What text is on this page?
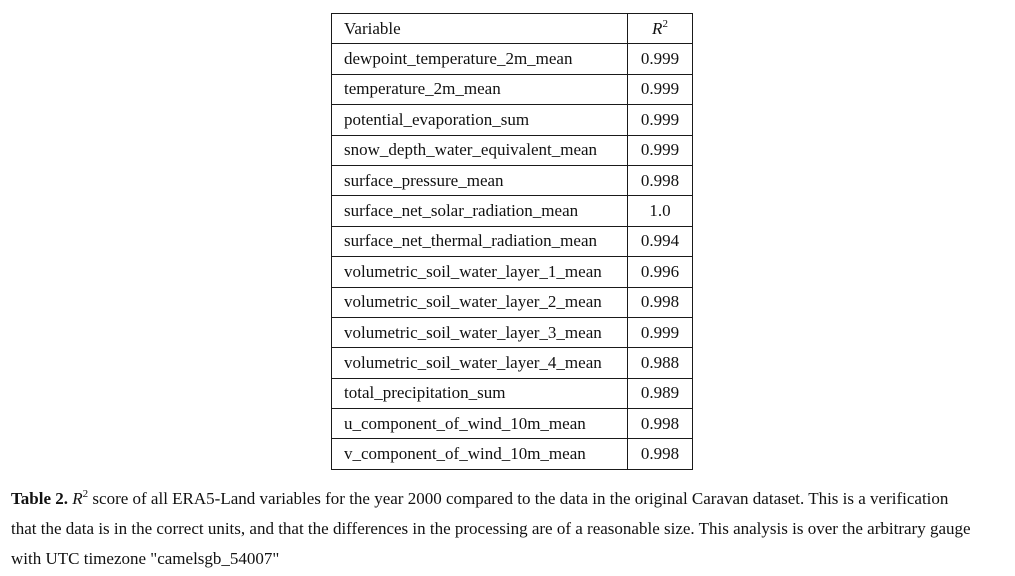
Variable	$R^2$
dewpoint_temperature_2m_mean	0.999
temperature_2m_mean	0.999
potential_evaporation_sum	0.999
snow_depth_water_equivalent_mean	0.999
surface_pressure_mean	0.998
surface_net_solar_radiation_mean	1.0
surface_net_thermal_radiation_mean	0.994
volumetric_soil_water_layer_1_mean	0.996
volumetric_soil_water_layer_2_mean	0.998
volumetric_soil_water_layer_3_mean	0.999
volumetric_soil_water_layer_4_mean	0.988
total_precipitation_sum	0.989
u_component_of_wind_10m_mean	0.998
v_component_of_wind_10m_mean	0.998
Table 2. $R^2$ score of all ERA5-Land variables for the year 2000 compared to the data in the original Caravan dataset. This is a verification
that the data is in the correct units, and that the differences in the processing are of a reasonable size. This analysis is over the arbitrary gauge
with UTC timezone "camelsgb_54007"
